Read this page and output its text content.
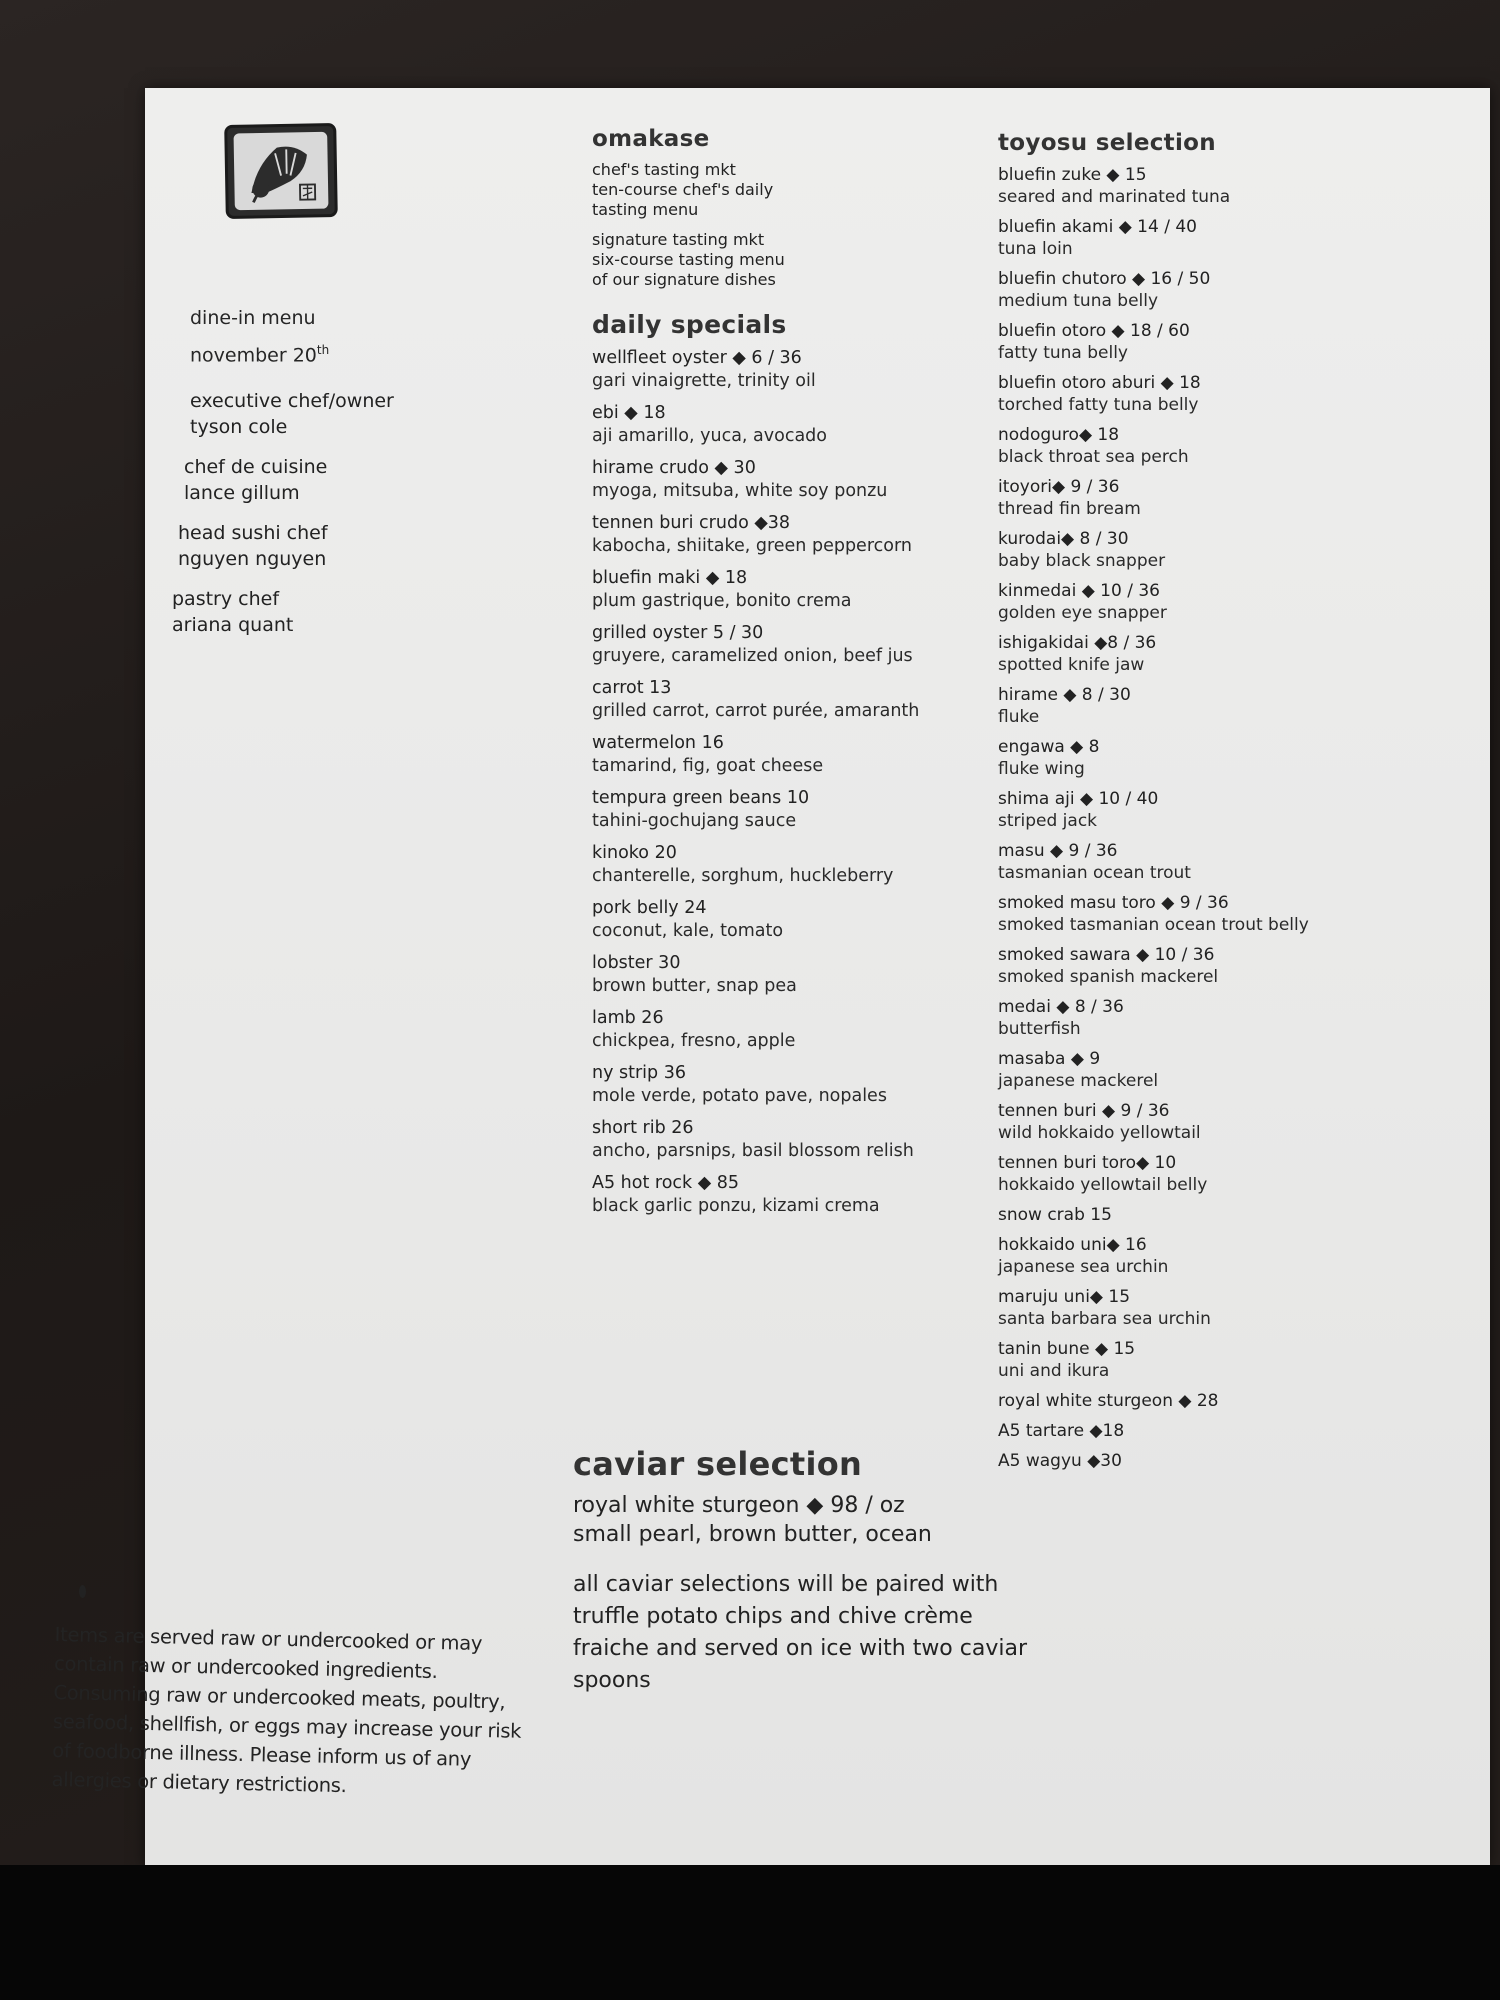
dine-in menu
november 20th
executive chef/owner
tyson cole
chef de cuisine
lance gillum
head sushi chef
nguyen nguyen
pastry chef
ariana quant
omakase
chef's tasting mkt
ten-course chef's daily
tasting menu
signature tasting mkt
six-course tasting menu
of our signature dishes
daily specials
wellfleet oyster ◆ 6 / 36
gari vinaigrette, trinity oil
ebi ◆ 18
aji amarillo, yuca, avocado
hirame crudo ◆ 30
myoga, mitsuba, white soy ponzu
tennen buri crudo ◆38
kabocha, shiitake, green peppercorn
bluefin maki ◆ 18
plum gastrique, bonito crema
grilled oyster 5 / 30
gruyere, caramelized onion, beef jus
carrot 13
grilled carrot, carrot purée, amaranth
watermelon 16
tamarind, fig, goat cheese
tempura green beans 10
tahini-gochujang sauce
kinoko 20
chanterelle, sorghum, huckleberry
pork belly 24
coconut, kale, tomato
lobster 30
brown butter, snap pea
lamb 26
chickpea, fresno, apple
ny strip 36
mole verde, potato pave, nopales
short rib 26
ancho, parsnips, basil blossom relish
A5 hot rock ◆ 85
black garlic ponzu, kizami crema
toyosu selection
bluefin zuke ◆ 15
seared and marinated tuna
bluefin akami ◆ 14 / 40
tuna loin
bluefin chutoro ◆ 16 / 50
medium tuna belly
bluefin otoro ◆ 18 / 60
fatty tuna belly
bluefin otoro aburi ◆ 18
torched fatty tuna belly
nodoguro◆ 18
black throat sea perch
itoyori◆ 9 / 36
thread fin bream
kurodai◆ 8 / 30
baby black snapper
kinmedai ◆ 10 / 36
golden eye snapper
ishigakidai ◆8 / 36
spotted knife jaw
hirame ◆ 8 / 30
fluke
engawa ◆ 8
fluke wing
shima aji ◆ 10 / 40
striped jack
masu ◆ 9 / 36
tasmanian ocean trout
smoked masu toro ◆ 9 / 36
smoked tasmanian ocean trout belly
smoked sawara ◆ 10 / 36
smoked spanish mackerel
medai ◆ 8 / 36
butterfish
masaba ◆ 9
japanese mackerel
tennen buri ◆ 9 / 36
wild hokkaido yellowtail
tennen buri toro◆ 10
hokkaido yellowtail belly
snow crab 15
hokkaido uni◆ 16
japanese sea urchin
maruju uni◆ 15
santa barbara sea urchin
tanin bune ◆ 15
uni and ikura
royal white sturgeon ◆ 28
A5 tartare ◆18
A5 wagyu ◆30
caviar selection
royal white sturgeon ◆ 98 / oz
small pearl, brown butter, ocean
all caviar selections will be paired with truffle potato chips and chive crème fraiche and served on ice with two caviar spoons
Items are served raw or undercooked or may contain raw or undercooked ingredients. Consuming raw or undercooked meats, poultry, seafood, shellfish, or eggs may increase your risk of foodborne illness. Please inform us of any allergies or dietary restrictions.
